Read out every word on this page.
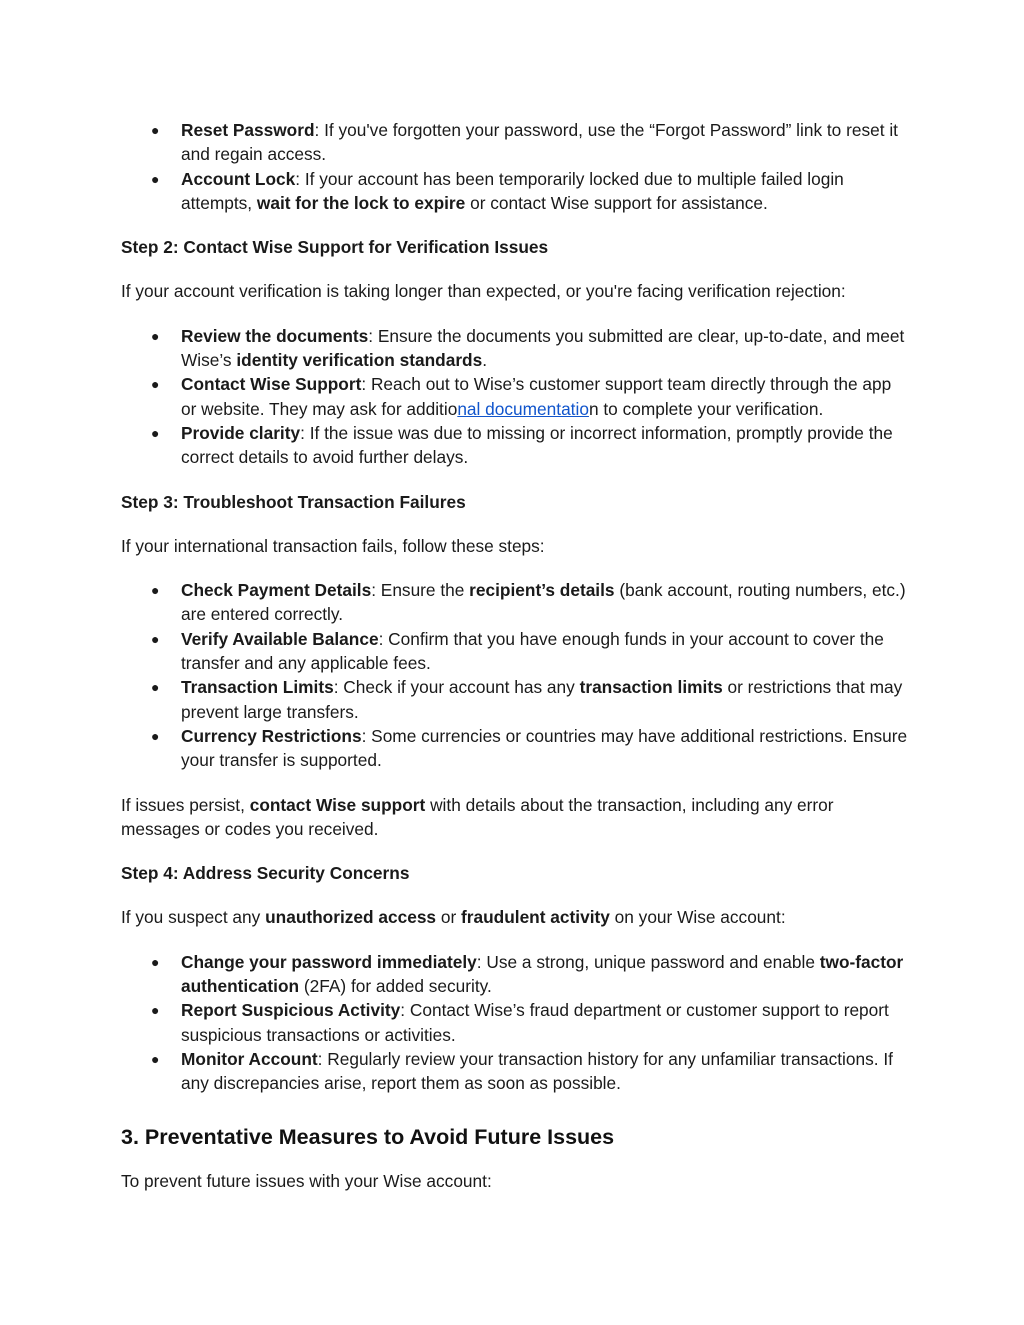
● Reset Password: If you've forgotten your password, use the “Forgot Password” link to reset it and regain access.
● Account Lock: If your account has been temporarily locked due to multiple failed login attempts, wait for the lock to expire or contact Wise support for assistance.

Step 2: Contact Wise Support for Verification Issues

If your account verification is taking longer than expected, or you're facing verification rejection:

● Review the documents: Ensure the documents you submitted are clear, up-to-date, and meet Wise’s identity verification standards.
● Contact Wise Support: Reach out to Wise’s customer support team directly through the app or website. They may ask for additional documentation to complete your verification.
● Provide clarity: If the issue was due to missing or incorrect information, promptly provide the correct details to avoid further delays.

Step 3: Troubleshoot Transaction Failures

If your international transaction fails, follow these steps:

● Check Payment Details: Ensure the recipient’s details (bank account, routing numbers, etc.) are entered correctly.
● Verify Available Balance: Confirm that you have enough funds in your account to cover the transfer and any applicable fees.
● Transaction Limits: Check if your account has any transaction limits or restrictions that may prevent large transfers.
● Currency Restrictions: Some currencies or countries may have additional restrictions. Ensure your transfer is supported.

If issues persist, contact Wise support with details about the transaction, including any error messages or codes you received.

Step 4: Address Security Concerns

If you suspect any unauthorized access or fraudulent activity on your Wise account:

● Change your password immediately: Use a strong, unique password and enable two-factor authentication (2FA) for added security.
● Report Suspicious Activity: Contact Wise’s fraud department or customer support to report suspicious transactions or activities.
● Monitor Account: Regularly review your transaction history for any unfamiliar transactions. If any discrepancies arise, report them as soon as possible.

3. Preventative Measures to Avoid Future Issues

To prevent future issues with your Wise account:
